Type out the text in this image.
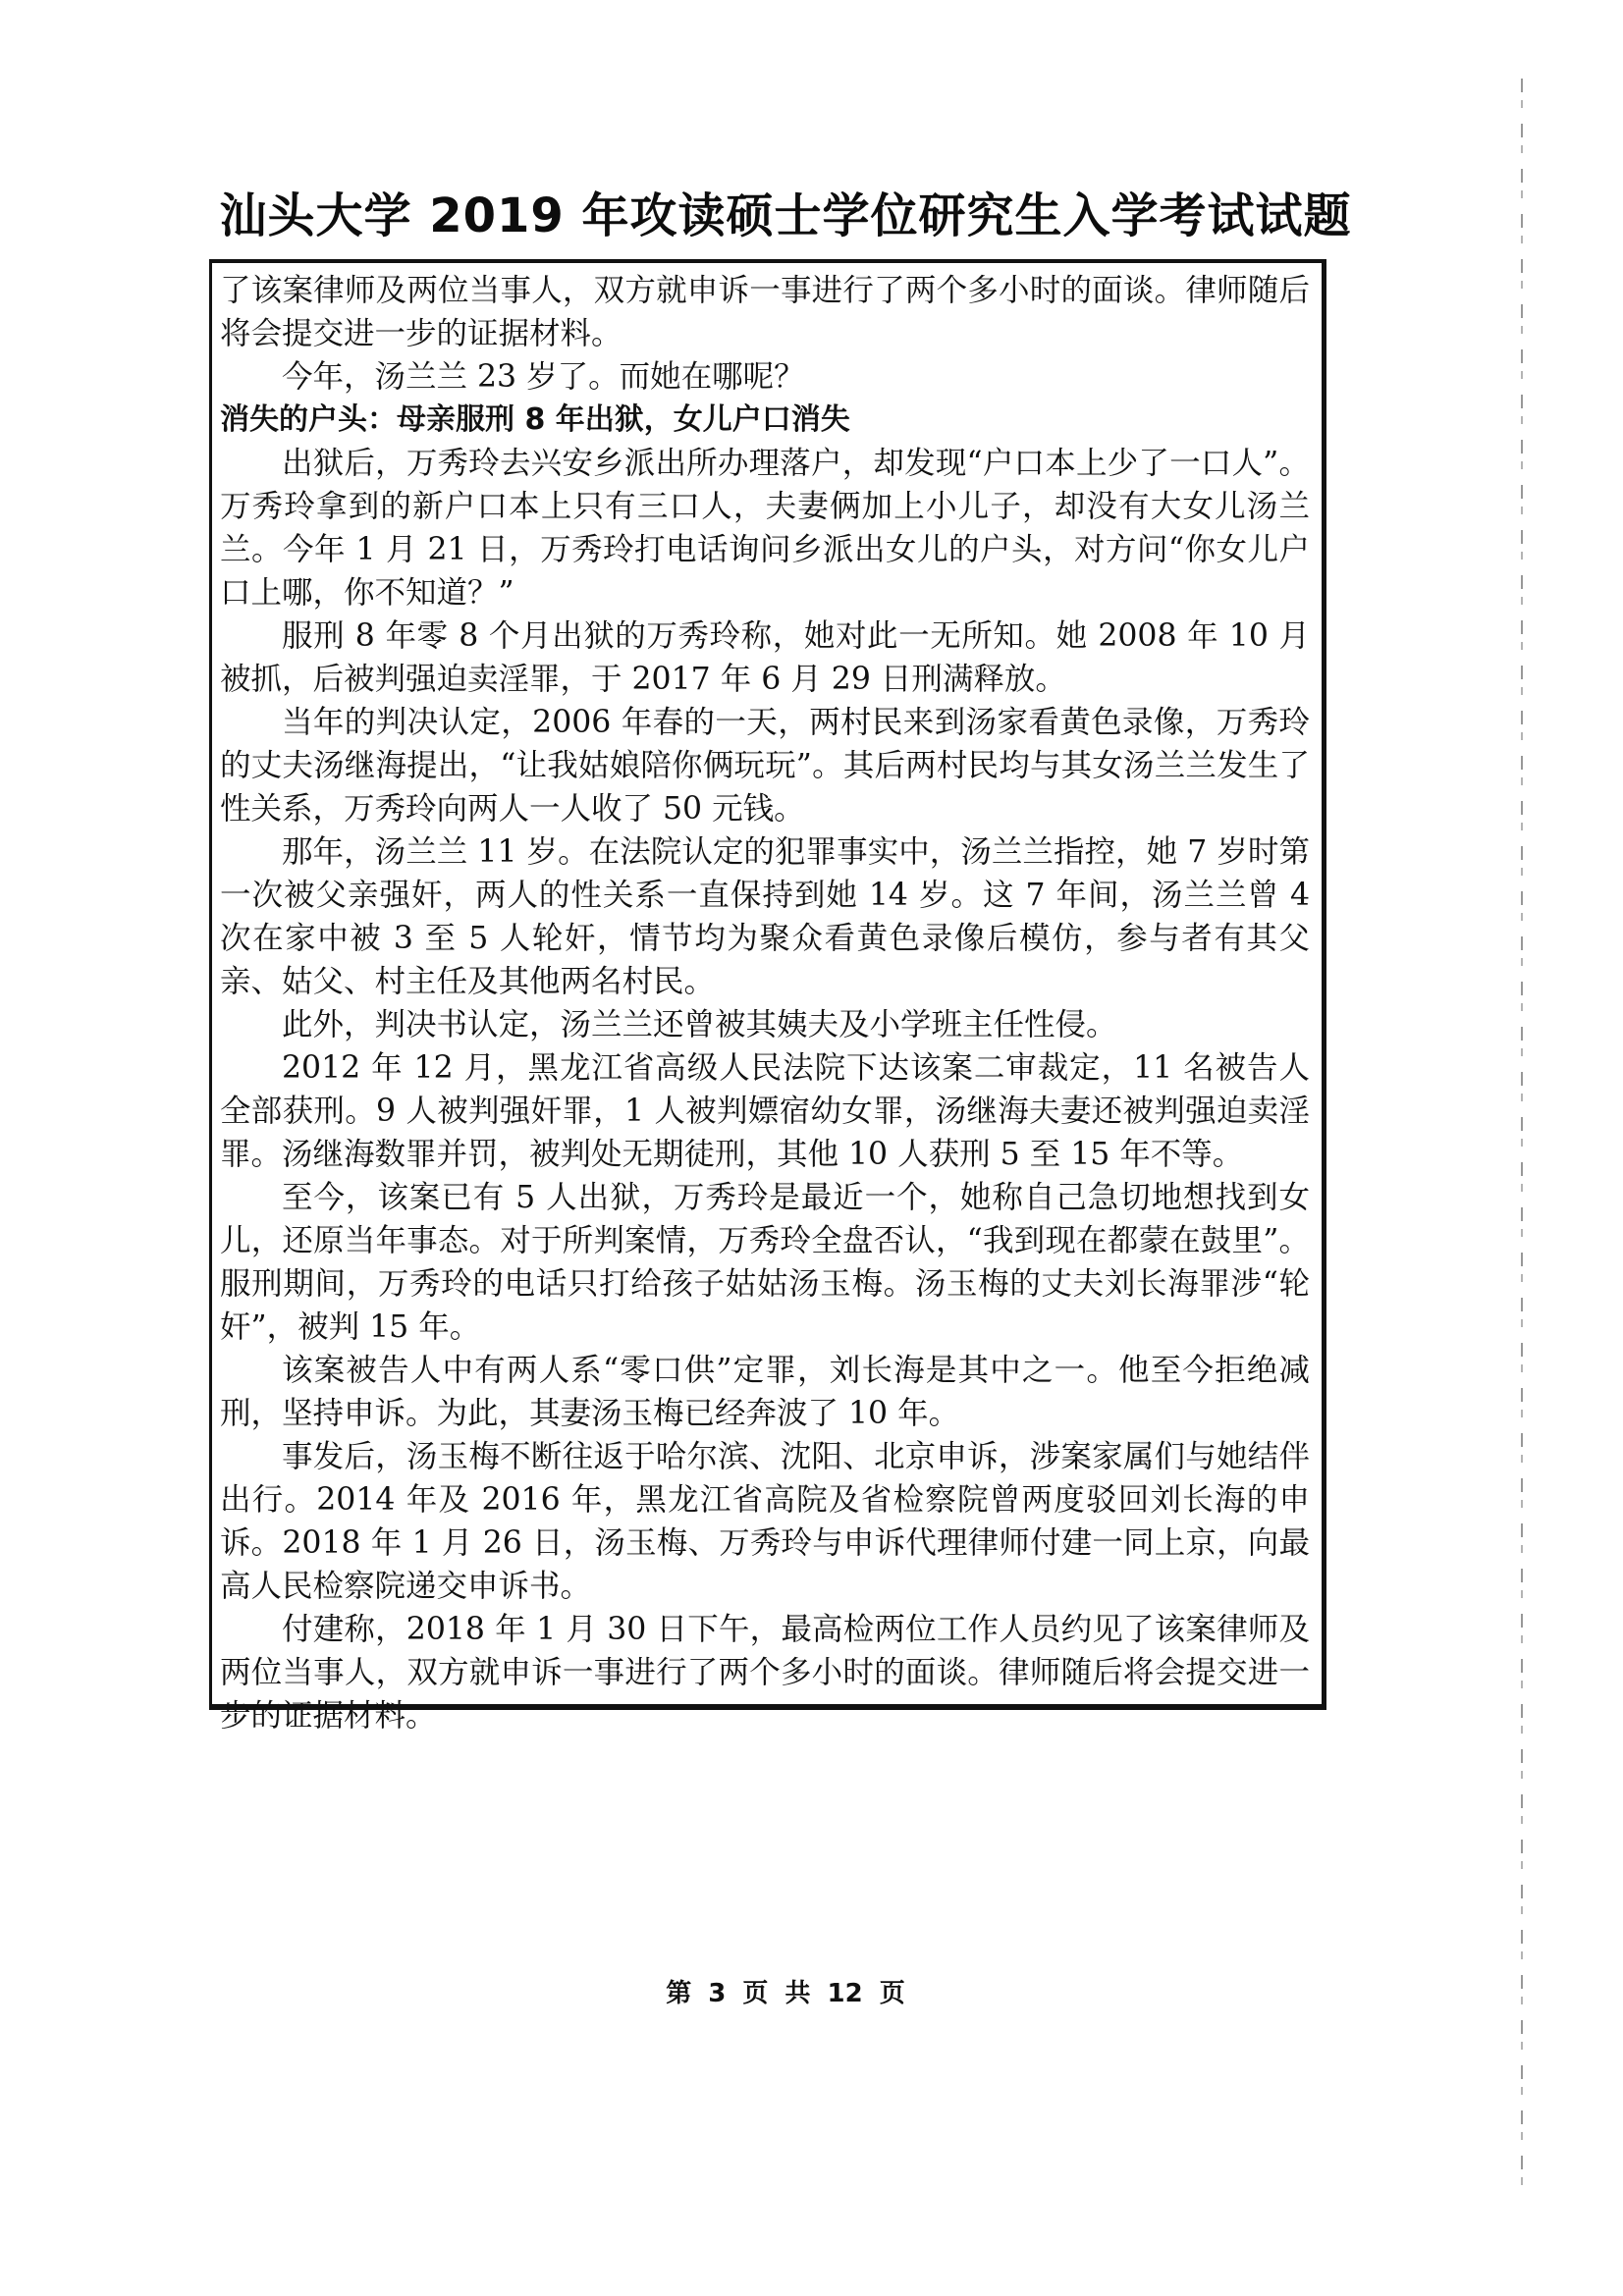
汕头大学 2019 年攻读硕士学位研究生入学考试试题

了该案律师及两位当事人，双方就申诉一事进行了两个多小时的面谈。律师随后将会提交进一步的证据材料。

今年，汤兰兰 23 岁了。而她在哪呢？

消失的户头：母亲服刑 8 年出狱，女儿户口消失

出狱后，万秀玲去兴安乡派出所办理落户，却发现“户口本上少了一口人”。万秀玲拿到的新户口本上只有三口人，夫妻俩加上小儿子，却没有大女儿汤兰兰。今年 1 月 21 日，万秀玲打电话询问乡派出女儿的户头，对方问“你女儿户口上哪，你不知道？”

服刑 8 年零 8 个月出狱的万秀玲称，她对此一无所知。她 2008 年 10 月被抓，后被判强迫卖淫罪，于 2017 年 6 月 29 日刑满释放。

当年的判决认定，2006 年春的一天，两村民来到汤家看黄色录像，万秀玲的丈夫汤继海提出，“让我姑娘陪你俩玩玩”。其后两村民均与其女汤兰兰发生了性关系，万秀玲向两人一人收了 50 元钱。

那年，汤兰兰 11 岁。在法院认定的犯罪事实中，汤兰兰指控，她 7 岁时第一次被父亲强奸，两人的性关系一直保持到她 14 岁。这 7 年间，汤兰兰曾 4 次在家中被 3 至 5 人轮奸，情节均为聚众看黄色录像后模仿，参与者有其父亲、姑父、村主任及其他两名村民。

此外，判决书认定，汤兰兰还曾被其姨夫及小学班主任性侵。

2012 年 12 月，黑龙江省高级人民法院下达该案二审裁定，11 名被告人全部获刑。9 人被判强奸罪，1 人被判嫖宿幼女罪，汤继海夫妻还被判强迫卖淫罪。汤继海数罪并罚，被判处无期徒刑，其他 10 人获刑 5 至 15 年不等。

至今，该案已有 5 人出狱，万秀玲是最近一个，她称自己急切地想找到女儿，还原当年事态。对于所判案情，万秀玲全盘否认，“我到现在都蒙在鼓里”。服刑期间，万秀玲的电话只打给孩子姑姑汤玉梅。汤玉梅的丈夫刘长海罪涉“轮奸”，被判 15 年。

该案被告人中有两人系“零口供”定罪，刘长海是其中之一。他至今拒绝减刑，坚持申诉。为此，其妻汤玉梅已经奔波了 10 年。

事发后，汤玉梅不断往返于哈尔滨、沈阳、北京申诉，涉案家属们与她结伴出行。2014 年及 2016 年，黑龙江省高院及省检察院曾两度驳回刘长海的申诉。2018 年 1 月 26 日，汤玉梅、万秀玲与申诉代理律师付建一同上京，向最高人民检察院递交申诉书。

付建称，2018 年 1 月 30 日下午，最高检两位工作人员约见了该案律师及两位当事人，双方就申诉一事进行了两个多小时的面谈。律师随后将会提交进一步的证据材料。

第 3 页 共 12 页
